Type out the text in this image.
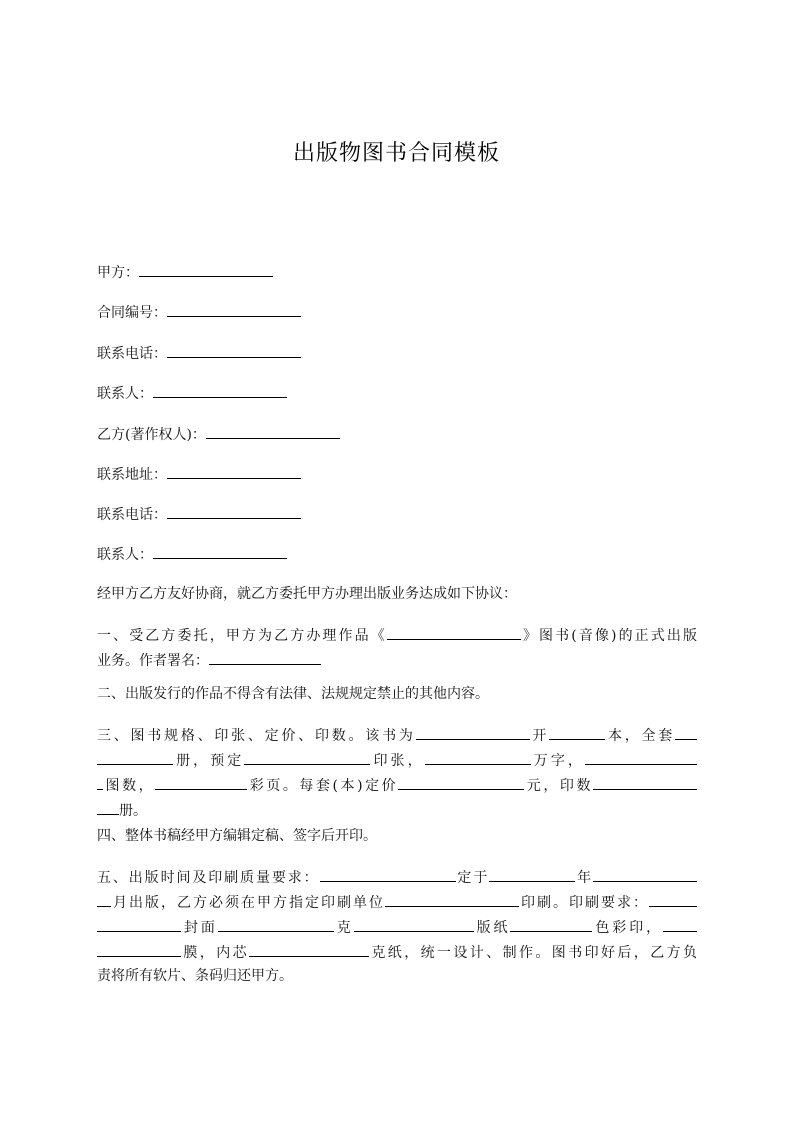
出版物图书合同模板
甲方：
合同编号：
联系电话：
联系人：
乙方(著作权人)：
联系地址：
联系电话：
联系人：
经甲方乙方友好协商，就乙方委托甲方办理出版业务达成如下协议：
一、受乙方委托，甲方为乙方办理作品《	》图书(音像)的正式出版
业务。作者署名：
二、出版发行的作品不得含有法律、法规规定禁止的其他内容。
三、图书规格、印张、定价、印数。该书为	开	本，全套
册，预定	印张，	万字，
图数，	彩页。每套(本)定价	元，印数
册。
四、整体书稿经甲方编辑定稿、签字后开印。
五、出版时间及印刷质量要求：	定于	年
月出版，乙方必须在甲方指定印刷单位	印刷。印刷要求：
封面	克	版纸	色彩印，
膜，内芯	克纸，统一设计、制作。图书印好后，乙方负
责将所有软片、条码归还甲方。
